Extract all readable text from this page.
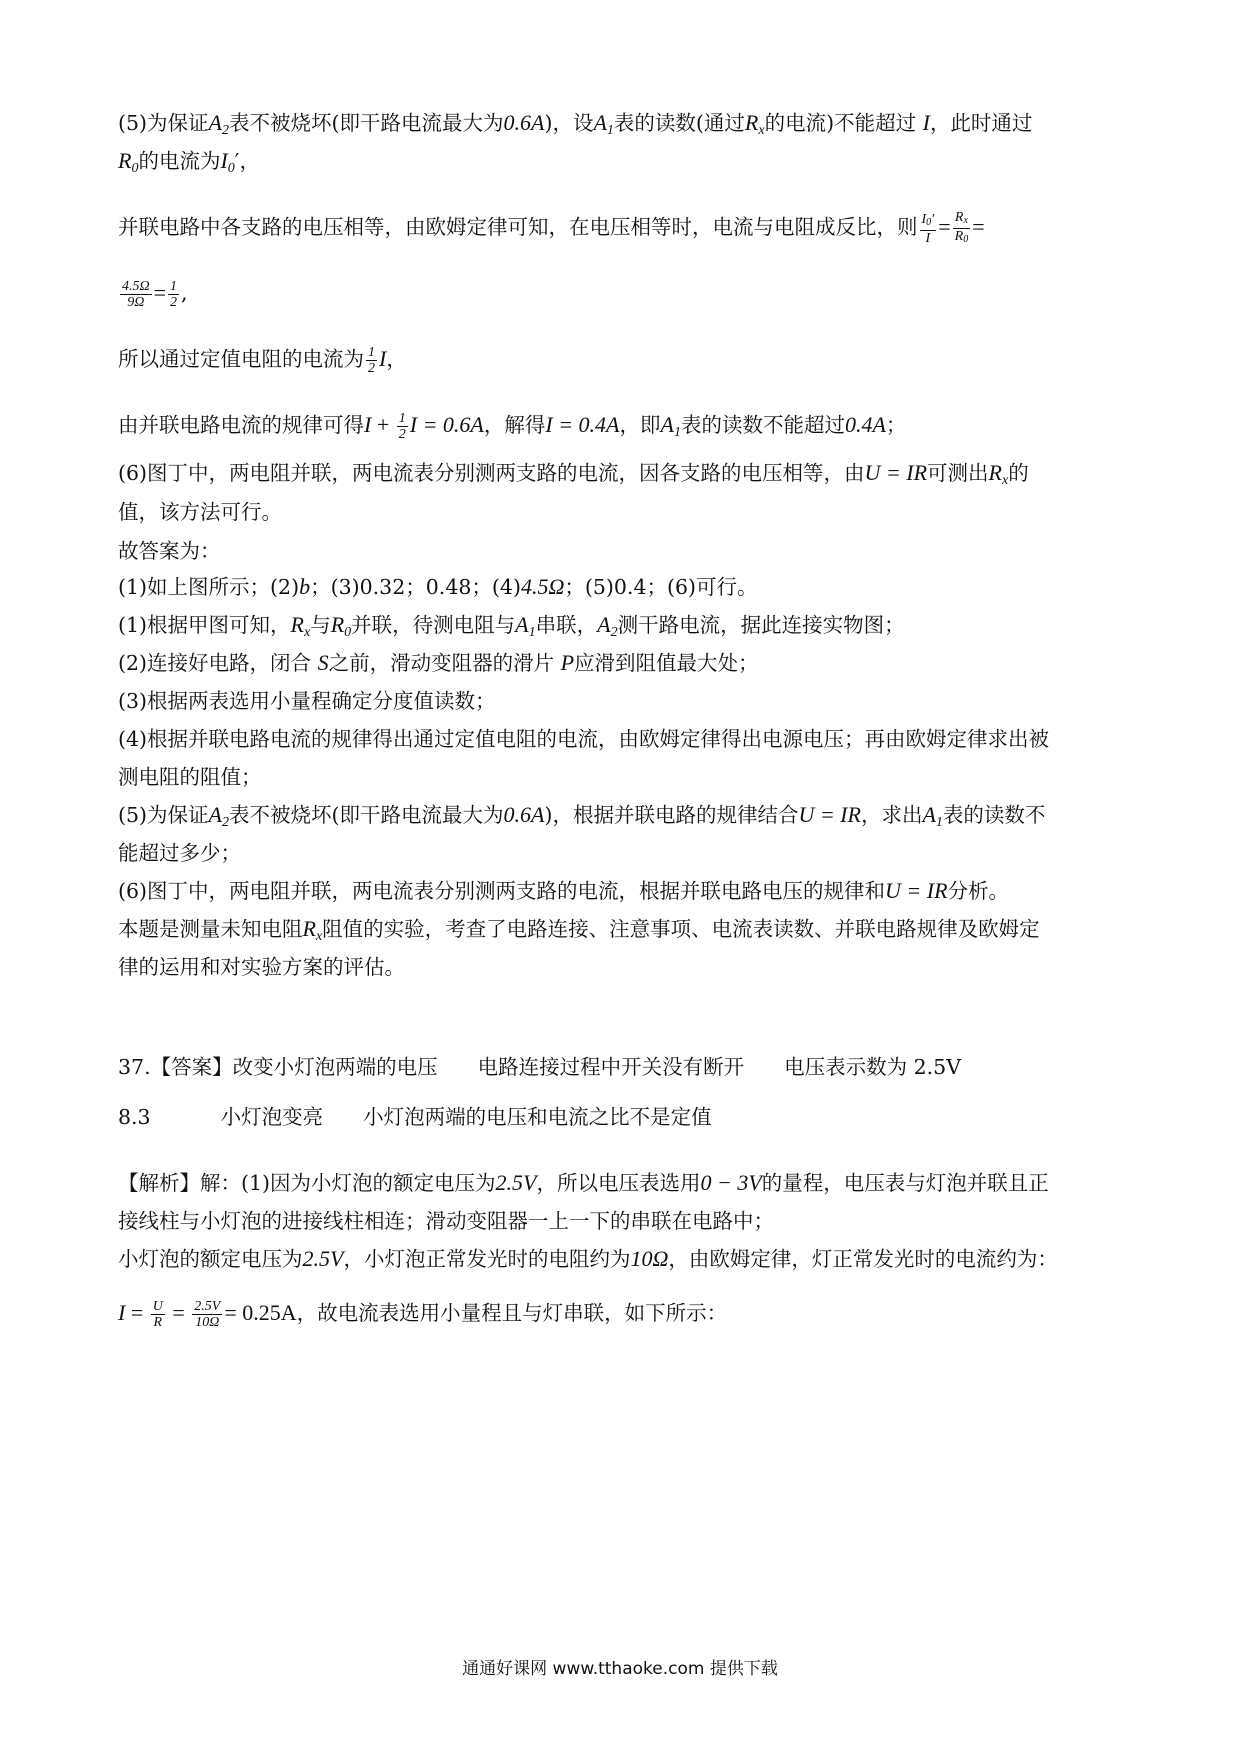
(5)为保证$A_2$表不被烧坏(即干路电流最大为0.6A)，设$A_1$表的读数(通过$R_x$的电流)不能超过 I，此时通过
$R_0$的电流为$I_0'$，
并联电路中各支路的电压相等，由欧姆定律可知，在电压相等时，电流与电阻成反比，则 $\frac{I_0'}{I} = \frac{R_x}{R_0}$ =
$\frac{4.5\Omega}{9\Omega} = \frac{1}{2}$ ,
所以通过定值电阻的电流为 $\frac{1}{2}$ I，
由并联电路电流的规律可得$I + \frac{1}{2}$ I = 0.6A，解得I = 0.4A，即$A_1$表的读数不能超过0.4A；
(6)图丁中，两电阻并联，两电流表分别测两支路的电流，因各支路的电压相等，由U = IR可测出$R_x$的
值，该方法可行。
故答案为：
(1)如上图所示；(2)b；(3)0.32；0.48；(4)4.5Ω；(5)0.4；(6)可行。
(1)根据甲图可知，$R_x$与$R_0$并联，待测电阻与$A_1$串联，$A_2$测干路电流，据此连接实物图；
(2)连接好电路，闭合 S之前，滑动变阻器的滑片 P应滑到阻值最大处；
(3)根据两表选用小量程确定分度值读数；
(4)根据并联电路电流的规律得出通过定值电阻的电流，由欧姆定律得出电源电压；再由欧姆定律求出被
测电阻的阻值；
(5)为保证$A_2$表不被烧坏(即干路电流最大为0.6A)，根据并联电路的规律结合U = IR，求出$A_1$表的读数不
能超过多少；
(6)图丁中，两电阻并联，两电流表分别测两支路的电流，根据并联电路电压的规律和U = IR分析。
本题是测量未知电阻$R_x$阻值的实验，考查了电路连接、注意事项、电流表读数、并联电路规律及欧姆定
律的运用和对实验方案的评估。
37.【答案】改变小灯泡两端的电压 电路连接过程中开关没有断开 电压表示数为 2.5V
8.3	小灯泡变亮 小灯泡两端的电压和电流之比不是定值
【解析】解：(1)因为小灯泡的额定电压为2.5V，所以电压表选用0 − 3V的量程，电压表与灯泡并联且正
接线柱与小灯泡的进接线柱相连；滑动变阻器一上一下的串联在电路中；
小灯泡的额定电压为2.5V，小灯泡正常发光时的电阻约为10Ω，由欧姆定律，灯正常发光时的电流约为：
$I = \frac{U}{R} = \frac{2.5V}{10\Omega} = 0.25A$，故电流表选用小量程且与灯串联，如下所示：
通通好课网 www.tthaoke.com 提供下载
